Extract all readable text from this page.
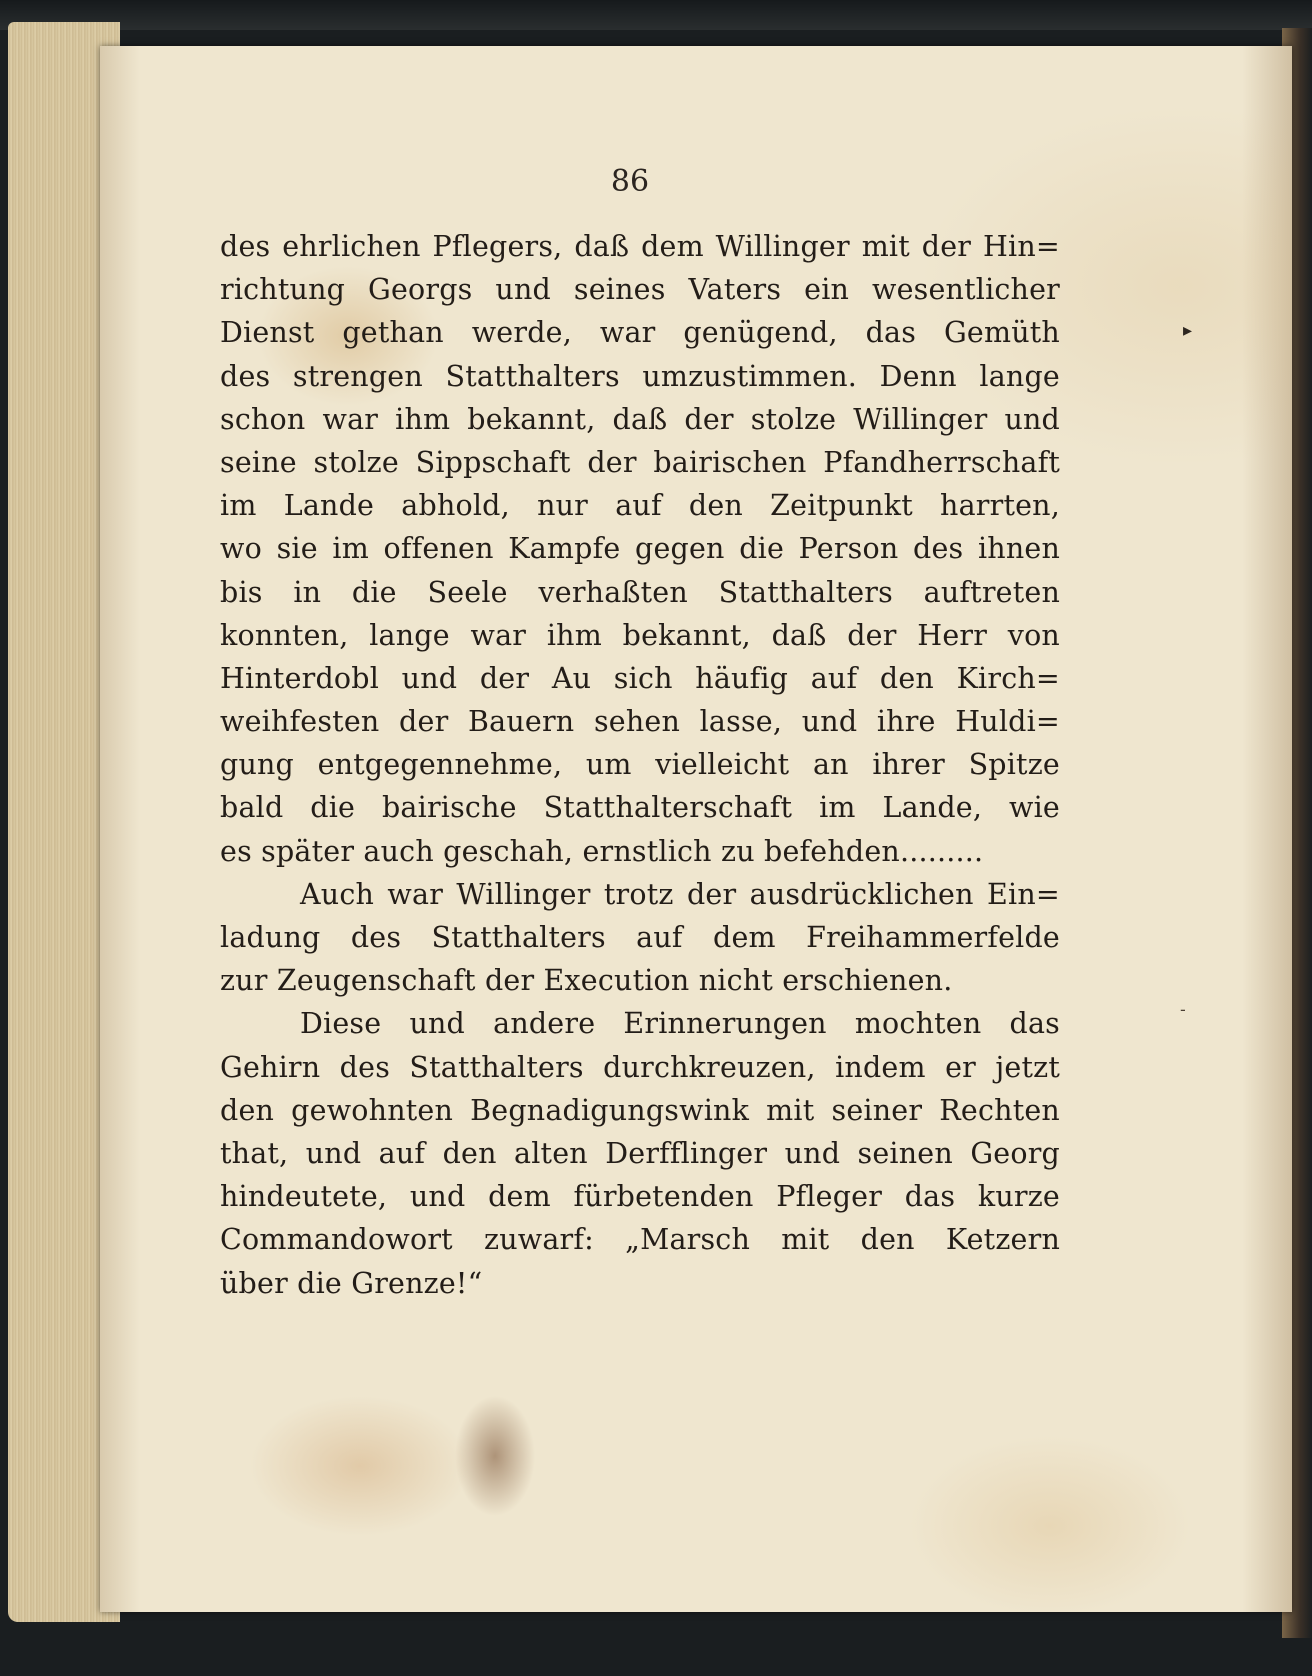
86
des ehrlichen Pflegers, daß dem Willinger mit der Hin=
richtung Georgs und seines Vaters ein wesentlicher
Dienst gethan werde, war genügend, das Gemüth
des strengen Statthalters umzustimmen. Denn lange
schon war ihm bekannt, daß der stolze Willinger und
seine stolze Sippschaft der bairischen Pfandherrschaft
im Lande abhold, nur auf den Zeitpunkt harrten,
wo sie im offenen Kampfe gegen die Person des ihnen
bis in die Seele verhaßten Statthalters auftreten
konnten, lange war ihm bekannt, daß der Herr von
Hinterdobl und der Au sich häufig auf den Kirch=
weihfesten der Bauern sehen lasse, und ihre Huldi=
gung entgegennehme, um vielleicht an ihrer Spitze
bald die bairische Statthalterschaft im Lande, wie
es später auch geschah, ernstlich zu befehden.........
Auch war Willinger trotz der ausdrücklichen Ein=
ladung des Statthalters auf dem Freihammerfelde
zur Zeugenschaft der Execution nicht erschienen.
Diese und andere Erinnerungen mochten das
Gehirn des Statthalters durchkreuzen, indem er jetzt
den gewohnten Begnadigungswink mit seiner Rechten
that, und auf den alten Derfflinger und seinen Georg
hindeutete, und dem fürbetenden Pfleger das kurze
Commandowort zuwarf: „Marsch mit den Ketzern
über die Grenze!“
▸
-
